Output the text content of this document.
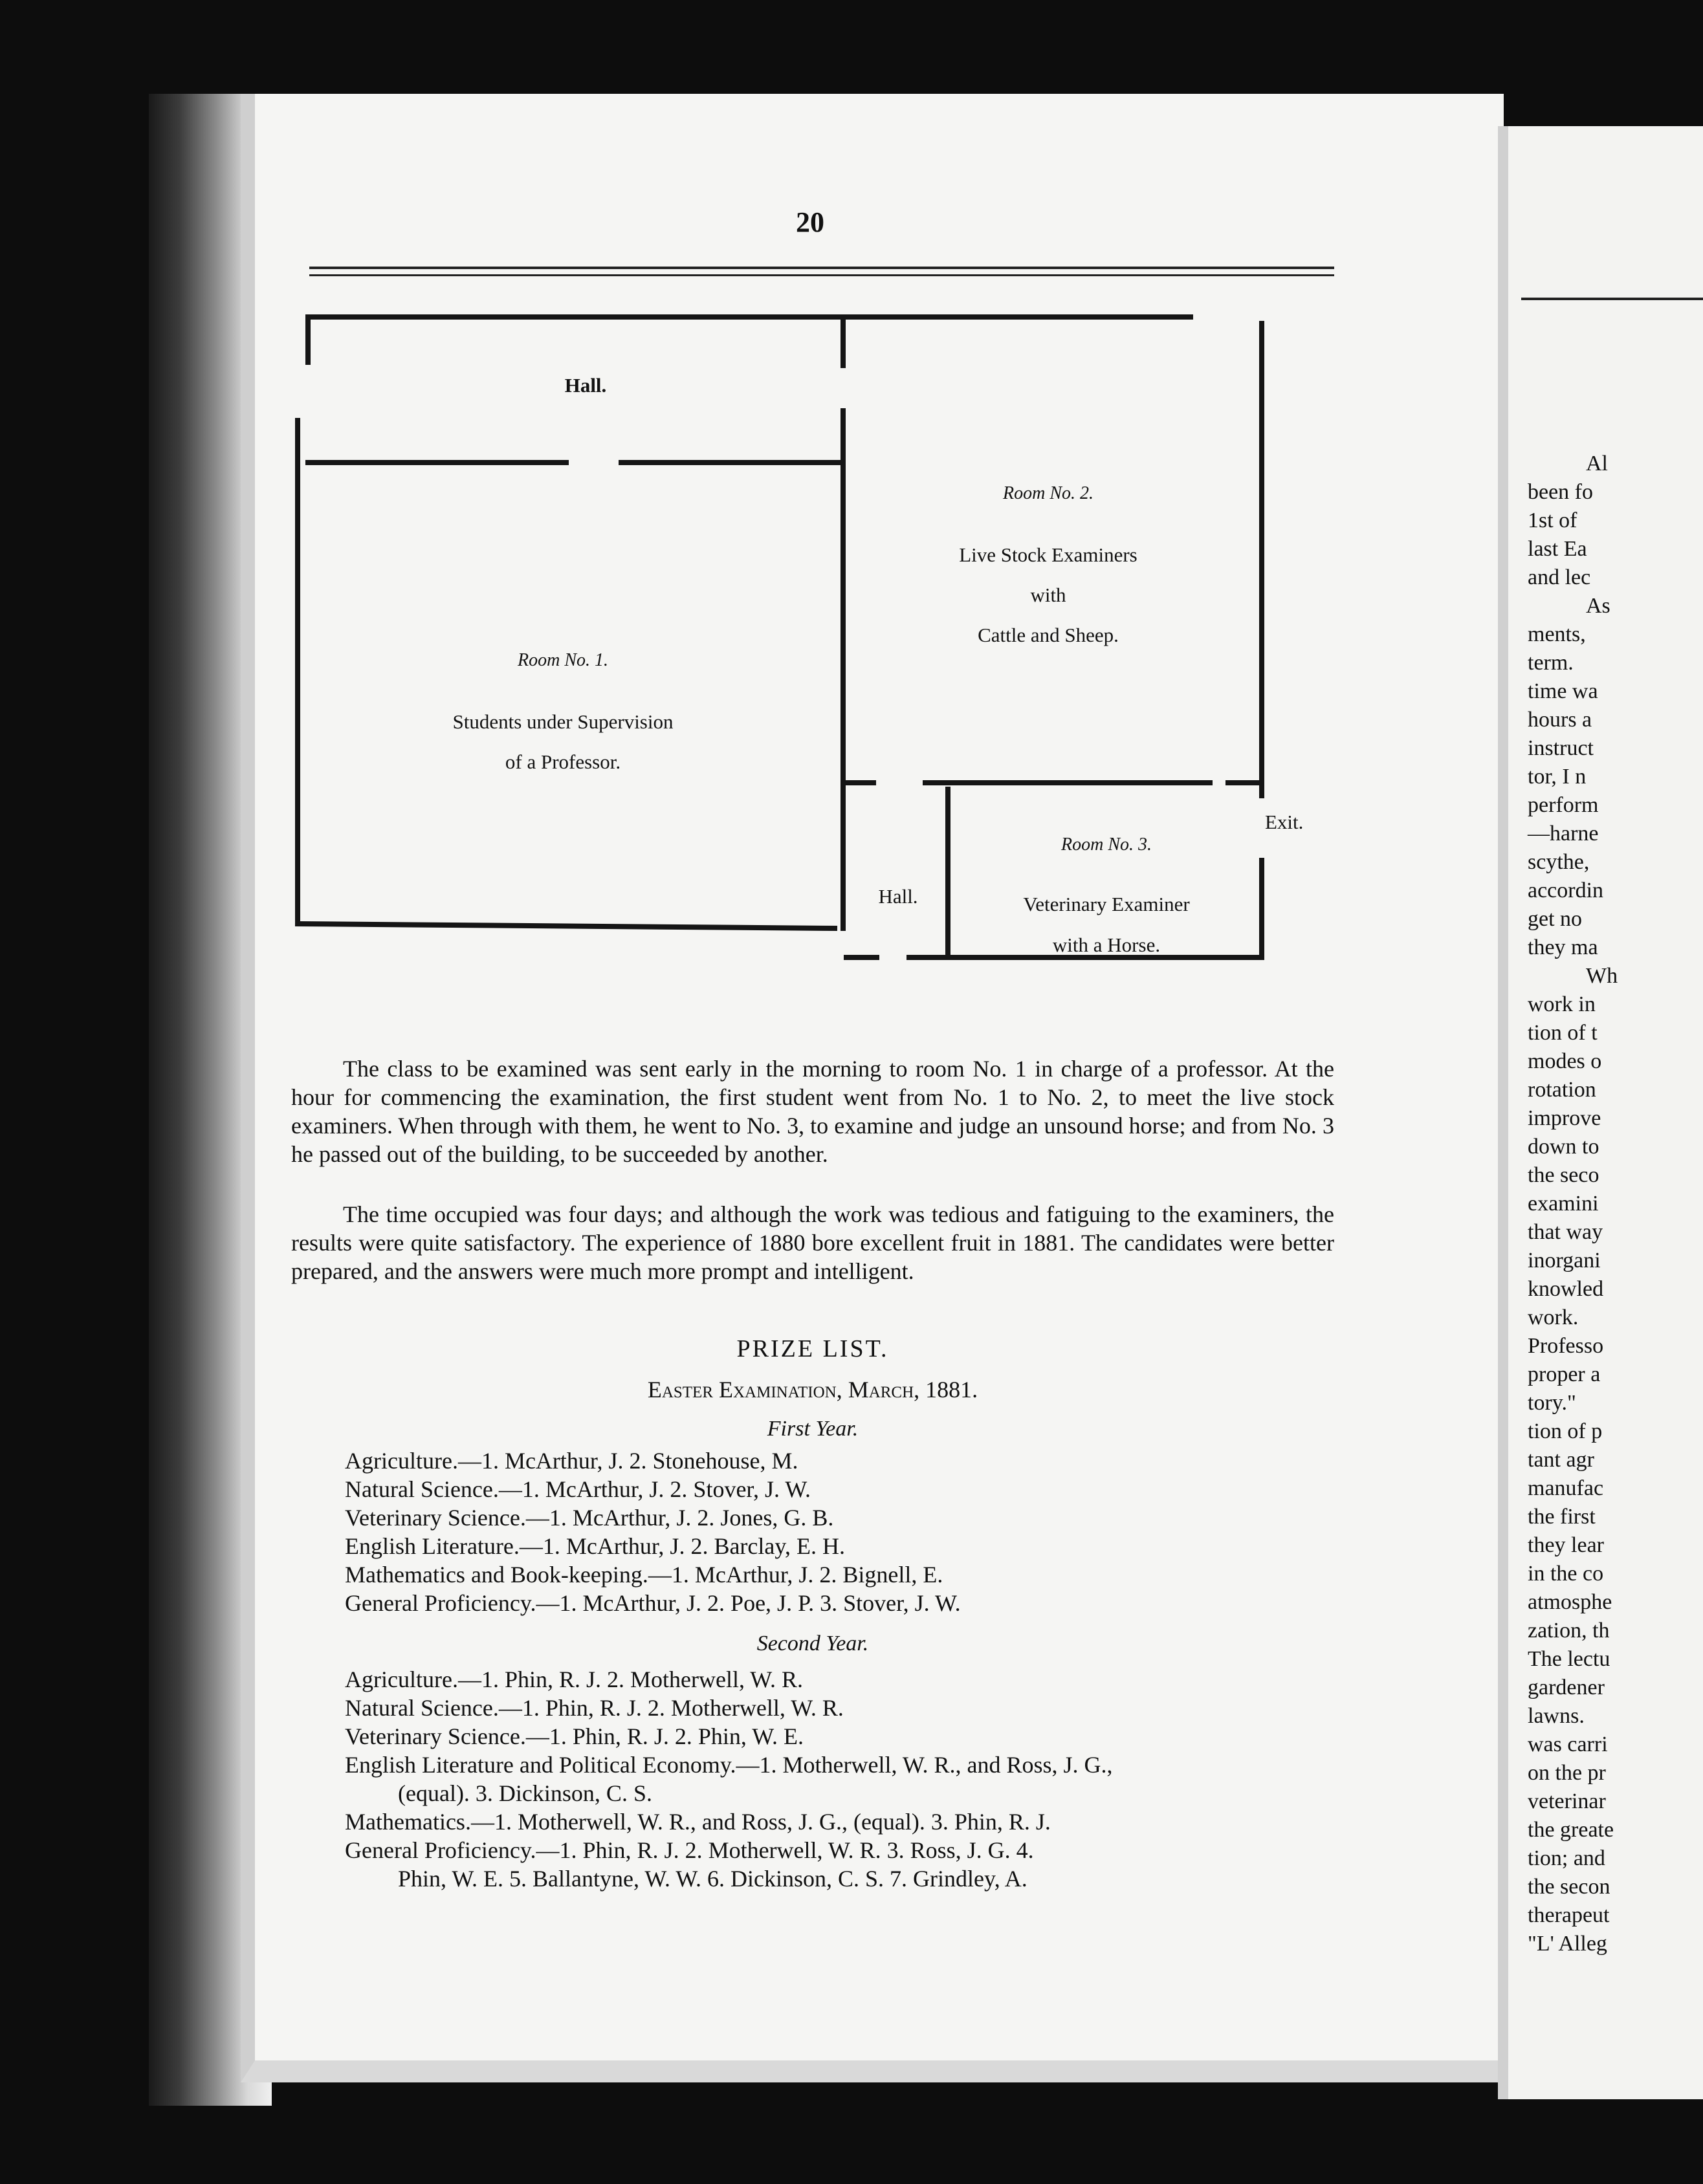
20
Hall.
Room No. 1.
Students under Supervision
of a Professor.
Room No. 2.
Live Stock Examiners
with
Cattle and Sheep.
Room No. 3.
Veterinary Examiner
with a Horse.
Hall.
Exit.
The class to be examined was sent early in the morning to room No. 1 in charge of a professor. At the hour for commencing the examination, the first student went from No. 1 to No. 2, to meet the live stock examiners. When through with them, he went to No. 3, to examine and judge an unsound horse; and from No. 3 he passed out of the building, to be succeeded by another.
The time occupied was four days; and although the work was tedious and fatiguing to the examiners, the results were quite satisfactory. The experience of 1880 bore excellent fruit in 1881. The candidates were better prepared, and the answers were much more prompt and intelligent.
PRIZE LIST.
Easter Examination, March, 1881.
First Year.
Agriculture.—1. McArthur, J. 2. Stonehouse, M.
Natural Science.—1. McArthur, J. 2. Stover, J. W.
Veterinary Science.—1. McArthur, J. 2. Jones, G. B.
English Literature.—1. McArthur, J. 2. Barclay, E. H.
Mathematics and Book-keeping.—1. McArthur, J. 2. Bignell, E.
General Proficiency.—1. McArthur, J. 2. Poe, J. P. 3. Stover, J. W.
Second Year.
Agriculture.—1. Phin, R. J. 2. Motherwell, W. R.
Natural Science.—1. Phin, R. J. 2. Motherwell, W. R.
Veterinary Science.—1. Phin, R. J. 2. Phin, W. E.
English Literature and Political Economy.—1. Motherwell, W. R., and Ross, J. G.,
(equal). 3. Dickinson, C. S.
Mathematics.—1. Motherwell, W. R., and Ross, J. G., (equal). 3. Phin, R. J.
General Proficiency.—1. Phin, R. J. 2. Motherwell, W. R. 3. Ross, J. G. 4.
Phin, W. E. 5. Ballantyne, W. W. 6. Dickinson, C. S. 7. Grindley, A.
Al
been fo
1st of
last Ea
and lec
As
ments,
term.
time wa
hours a
instruct
tor, I n
perform
—harne
scythe,
accordin
get no
they ma
Wh
work in
tion of t
modes o
rotation
improve
down to
the seco
examini
that way
inorgani
knowled
work.
Professo
proper a
tory."
tion of p
tant agr
manufac
the first
they lear
in the co
atmosphe
zation, th
The lectu
gardener
lawns.
was carri
on the pr
veterinar
the greate
tion; and
the secon
therapeut
"L' Alleg
